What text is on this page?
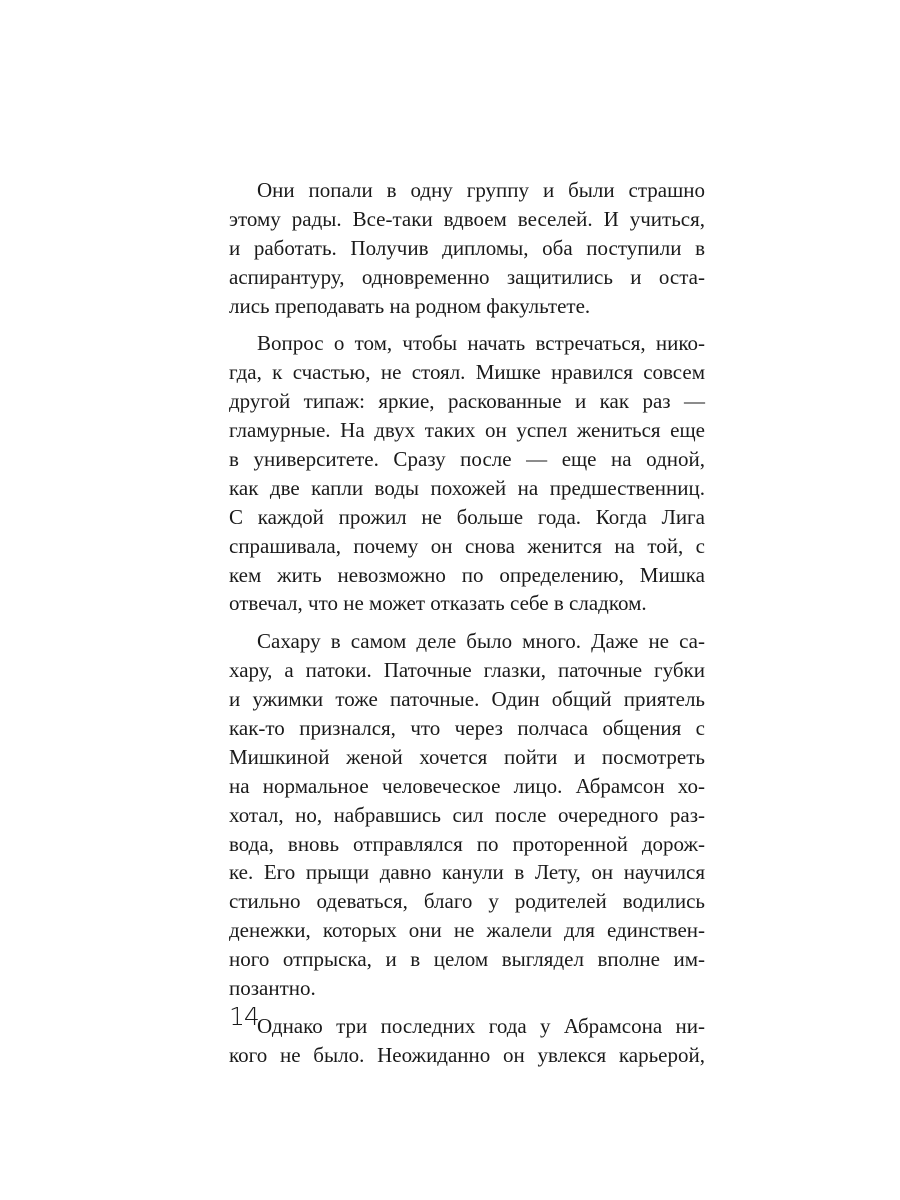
Они попали в одну группу и были страшно
этому рады. Все-таки вдвоем веселей. И учиться,
и работать. Получив дипломы, оба поступили в
аспирантуру, одновременно защитились и оста-
лись преподавать на родном факультете.
Вопрос о том, чтобы начать встречаться, нико-
гда, к счастью, не стоял. Мишке нравился совсем
другой типаж: яркие, раскованные и как раз —
гламурные. На двух таких он успел жениться еще
в университете. Сразу после — еще на одной,
как две капли воды похожей на предшественниц.
С каждой прожил не больше года. Когда Лига
спрашивала, почему он снова женится на той, с
кем жить невозможно по определению, Мишка
отвечал, что не может отказать себе в сладком.
Сахару в самом деле было много. Даже не са-
хару, а патоки. Паточные глазки, паточные губки
и ужимки тоже паточные. Один общий приятель
как-то признался, что через полчаса общения с
Мишкиной женой хочется пойти и посмотреть
на нормальное человеческое лицо. Абрамсон хо-
хотал, но, набравшись сил после очередного раз-
вода, вновь отправлялся по проторенной дорож-
ке. Его прыщи давно канули в Лету, он научился
стильно одеваться, благо у родителей водились
денежки, которых они не жалели для единствен-
ного отпрыска, и в целом выглядел вполне им-
позантно.
Однако три последних года у Абрамсона ни-
кого не было. Неожиданно он увлекся карьерой,
14
